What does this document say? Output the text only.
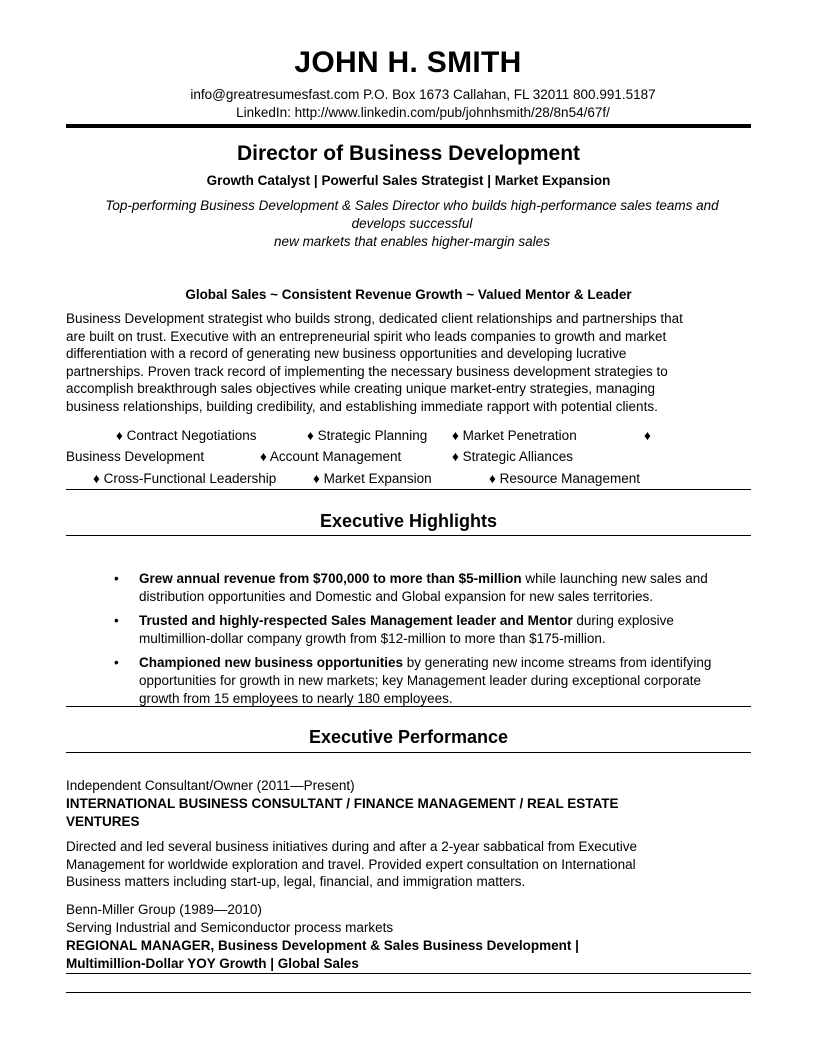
JOHN H. SMITH
info@greatresumesfast.com P.O. Box 1673 Callahan, FL 32011 800.991.5187
LinkedIn: http://www.linkedin.com/pub/johnhsmith/28/8n54/67f/
Director of Business Development
Growth Catalyst | Powerful Sales Strategist | Market Expansion
Top-performing Business Development & Sales Director who builds high-performance sales teams and
develops successful
new markets that enables higher-margin sales
Global Sales ~ Consistent Revenue Growth ~ Valued Mentor & Leader
Business Development strategist who builds strong, dedicated client relationships and partnerships that
are built on trust. Executive with an entrepreneurial spirit who leads companies to growth and market
differentiation with a record of generating new business opportunities and developing lucrative
partnerships. Proven track record of implementing the necessary business development strategies to
accomplish breakthrough sales objectives while creating unique market-entry strategies, managing
business relationships, building credibility, and establishing immediate rapport with potential clients.
♦ Contract Negotiations	♦ Strategic Planning ♦ Market Penetration	♦
Business Development	♦ Account Management	♦ Strategic Alliances
♦ Cross-Functional Leadership	♦ Market Expansion	♦ Resource Management
Executive Highlights
• Grew annual revenue from $700,000 to more than $5-million while launching new sales and distribution opportunities and Domestic and Global expansion for new sales territories.
• Trusted and highly-respected Sales Management leader and Mentor during explosive multimillion-dollar company growth from $12-million to more than $175-million.
• Championed new business opportunities by generating new income streams from identifying opportunities for growth in new markets; key Management leader during exceptional corporate growth from 15 employees to nearly 180 employees.
Executive Performance
Independent Consultant/Owner (2011—Present)
INTERNATIONAL BUSINESS CONSULTANT / FINANCE MANAGEMENT / REAL ESTATE
VENTURES
Directed and led several business initiatives during and after a 2-year sabbatical from Executive
Management for worldwide exploration and travel. Provided expert consultation on International
Business matters including start-up, legal, financial, and immigration matters.
Benn-Miller Group (1989—2010)
Serving Industrial and Semiconductor process markets
REGIONAL MANAGER, Business Development & Sales Business Development |
Multimillion-Dollar YOY Growth | Global Sales
